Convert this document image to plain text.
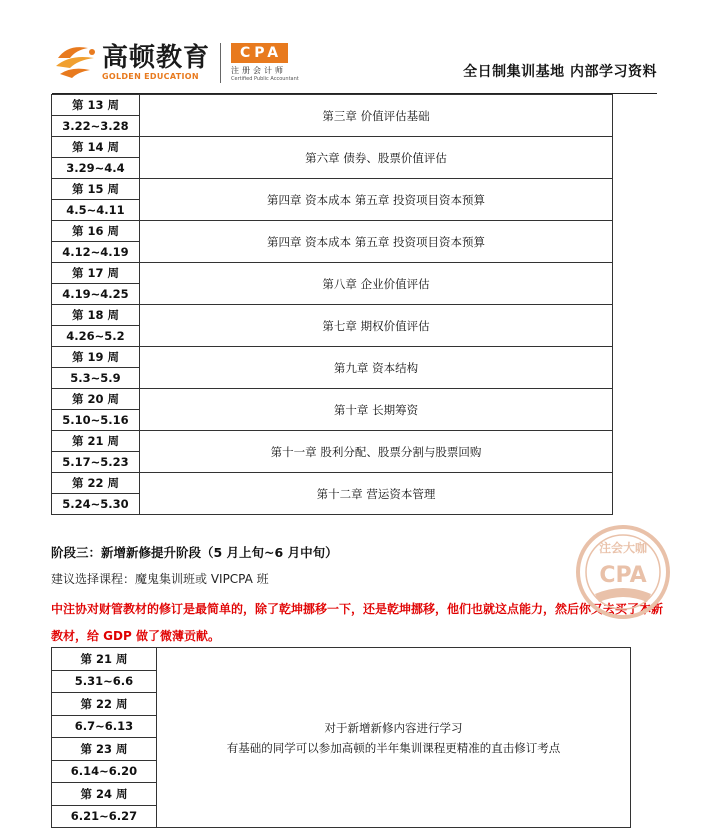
高顿教育
GOLDEN EDUCATION
CPA
注册会计师
Certified Public Accountant	全日制集训基地 内部学习资料
第 13 周	第三章 价值评估基础
3.22~3.28	
第 14 周	第六章 债券、股票价值评估
3.29~4.4	
第 15 周	第四章 资本成本 第五章 投资项目资本预算
4.5~4.11	
第 16 周	第四章 资本成本 第五章 投资项目资本预算
4.12~4.19	
第 17 周	第八章 企业价值评估
4.19~4.25	
第 18 周	第七章 期权价值评估
4.26~5.2	
第 19 周	第九章 资本结构
5.3~5.9	
第 20 周	第十章 长期筹资
5.10~5.16	
第 21 周	第十一章 股利分配、股票分割与股票回购
5.17~5.23	
第 22 周	第十二章 营运资本管理
5.24~5.30	
阶段三：新增新修提升阶段（5 月上旬~6 月中旬）
建议选择课程：魔鬼集训班或 VIPCPA 班
中注协对财管教材的修订是最简单的，除了乾坤挪移一下，还是乾坤挪移，他们也就这点能力，然后你又去买了本新教材，给 GDP 做了微薄贡献。
第 21 周	
对于新增新修内容进行学习
有基础的同学可以参加高顿的半年集训课程更精准的直击修订考点

5.31~6.6
第 22 周
6.7~6.13
第 23 周
6.14~6.20
第 24 周
6.21~6.27
注会大咖
CPA
